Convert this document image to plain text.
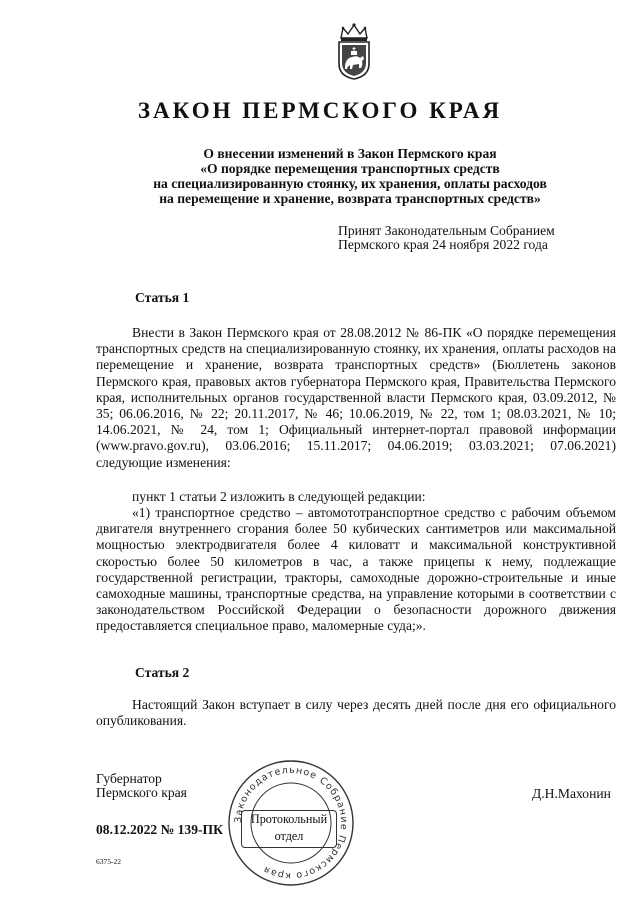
ЗАКОН ПЕРМСКОГО КРАЯ
О внесении изменений в Закон Пермского края
«О порядке перемещения транспортных средств
на специализированную стоянку, их хранения, оплаты расходов
на перемещение и хранение, возврата транспортных средств»
Принят Законодательным Собранием
Пермского края 24 ноября 2022 года
Статья 1
Внести в Закон Пермского края от 28.08.2012 № 86-ПК «О порядке перемещения транспортных средств на специализированную стоянку, их хранения, оплаты расходов на перемещение и хранение, возврата транспортных средств» (Бюллетень законов Пермского края, правовых актов губернатора Пермского края, Правительства Пермского края, исполнительных органов государственной власти Пермского края, 03.09.2012, № 35; 06.06.2016, № 22; 20.11.2017, № 46; 10.06.2019, № 22, том 1; 08.03.2021, № 10; 14.06.2021, № 24, том 1; Официальный интернет-портал правовой информации (www.pravo.gov.ru), 03.06.2016; 15.11.2017; 04.06.2019; 03.03.2021; 07.06.2021) следующие изменения:
пункт 1 статьи 2 изложить в следующей редакции:
«1) транспортное средство – автомототранспортное средство с рабочим объемом двигателя внутреннего сгорания более 50 кубических сантиметров или максимальной мощностью электродвигателя более 4 киловатт и максимальной конструктивной скоростью более 50 километров в час, а также прицепы к нему, подлежащие государственной регистрации, тракторы, самоходные дорожно-строительные и иные самоходные машины, транспортные средства, на управление которыми в соответствии с законодательством Российской Федерации о безопасности дорожного движения предоставляется специальное право, маломерные суда;».
Статья 2
Настоящий Закон вступает в силу через десять дней после дня его официального опубликования.
Губернатор
Пермского края	Д.Н.Махонин
08.12.2022 № 139-ПК
6375-22
Законодательное Собрание Пермского края
Протокольный
отдел
